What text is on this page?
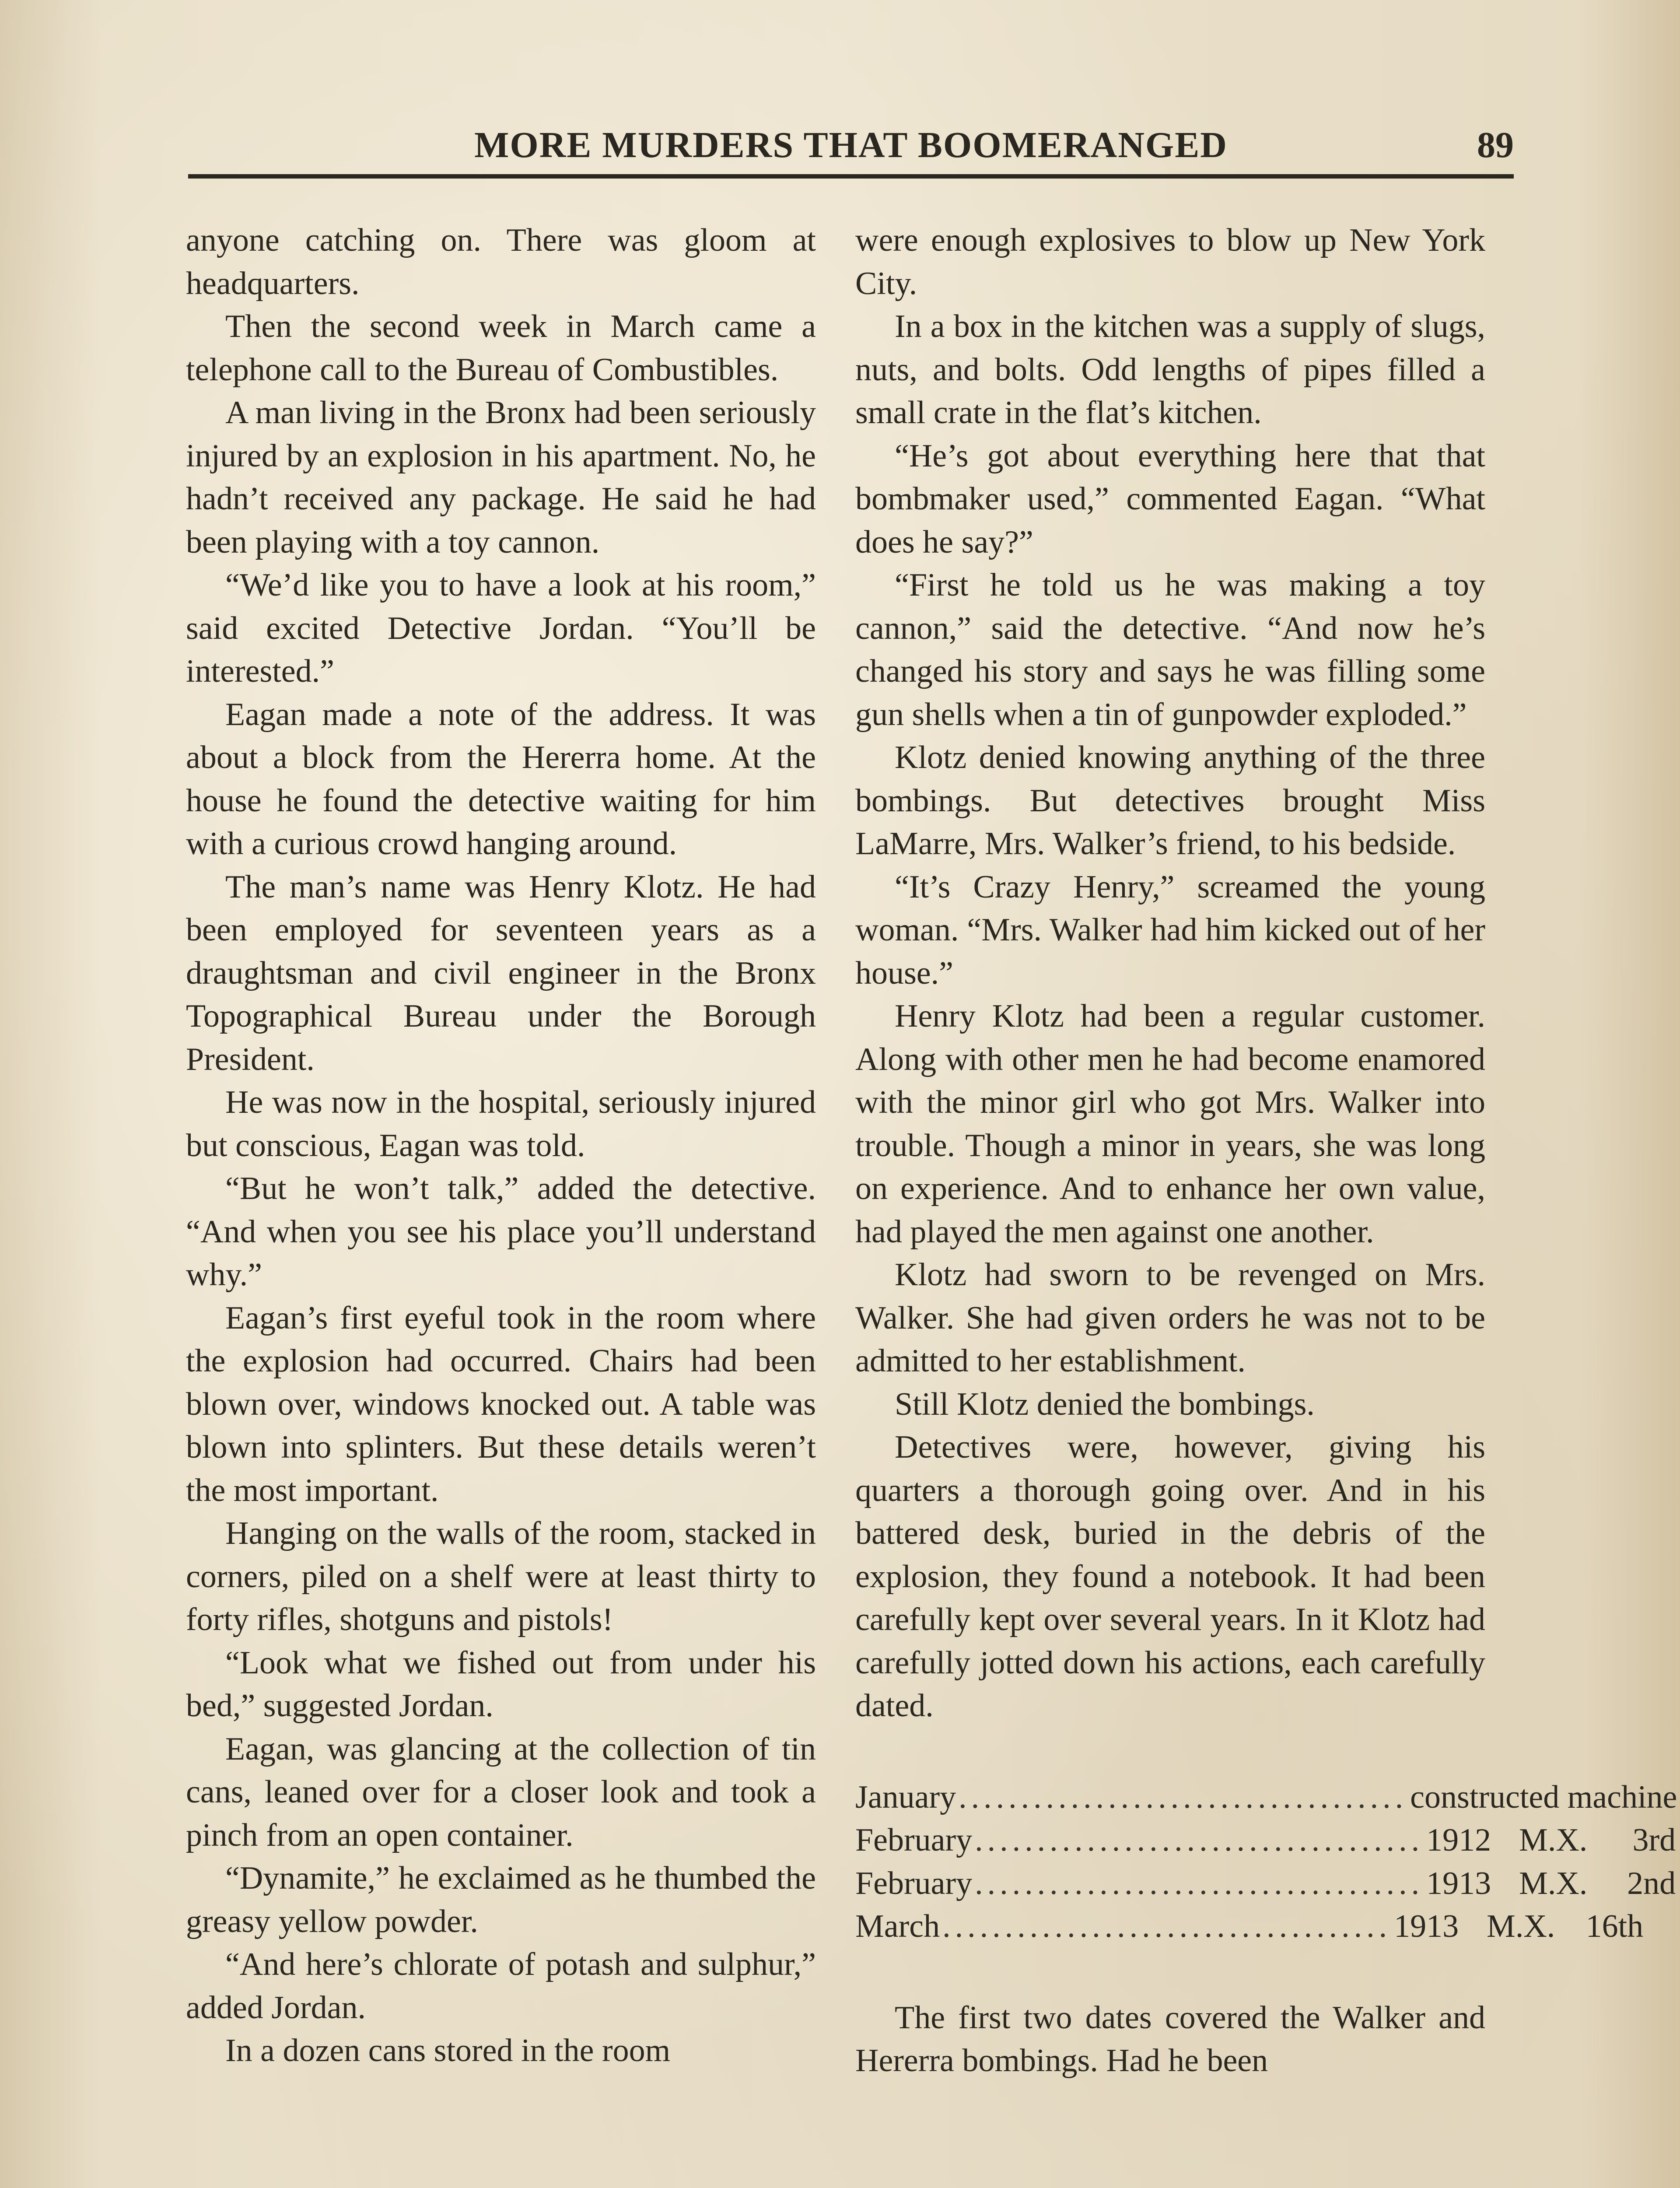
MORE MURDERS THAT BOOMERANGED	89

anyone catching on. There was gloom at headquarters.

Then the second week in March came a telephone call to the Bureau of Combustibles.

A man living in the Bronx had been seriously injured by an explosion in his apartment. No, he hadn’t received any package. He said he had been playing with a toy cannon.

“We’d like you to have a look at his room,” said excited Detective Jordan. “You’ll be interested.”

Eagan made a note of the address. It was about a block from the Hererra home. At the house he found the detective waiting for him with a curious crowd hanging around.

The man’s name was Henry Klotz. He had been employed for seventeen years as a draughtsman and civil engineer in the Bronx Topographical Bureau under the Borough President.

He was now in the hospital, seriously injured but conscious, Eagan was told.

“But he won’t talk,” added the detective. “And when you see his place you’ll understand why.”

Eagan’s first eyeful took in the room where the explosion had occurred. Chairs had been blown over, windows knocked out. A table was blown into splinters. But these details weren’t the most important.

Hanging on the walls of the room, stacked in corners, piled on a shelf were at least thirty to forty rifles, shotguns and pistols!

“Look what we fished out from under his bed,” suggested Jordan.

Eagan, was glancing at the collection of tin cans, leaned over for a closer look and took a pinch from an open container.

“Dynamite,” he exclaimed as he thumbed the greasy yellow powder.

“And here’s chlorate of potash and sulphur,” added Jordan.

In a dozen cans stored in the room

were enough explosives to blow up New York City.

In a box in the kitchen was a supply of slugs, nuts, and bolts. Odd lengths of pipes filled a small crate in the flat’s kitchen.

“He’s got about everything here that that bombmaker used,” commented Eagan. “What does he say?”

“First he told us he was making a toy cannon,” said the detective. “And now he’s changed his story and says he was filling some gun shells when a tin of gunpowder exploded.”

Klotz denied knowing anything of the three bombings. But detectives brought Miss LaMarre, Mrs. Walker’s friend, to his bedside.

“It’s Crazy Henry,” screamed the young woman. “Mrs. Walker had him kicked out of her house.”

Henry Klotz had been a regular customer. Along with other men he had become enamored with the minor girl who got Mrs. Walker into trouble. Though a minor in years, she was long on experience. And to enhance her own value, had played the men against one another.

Klotz had sworn to be revenged on Mrs. Walker. She had given orders he was not to be admitted to her establishment.

Still Klotz denied the bombings.

Detectives were, however, giving his quarters a thorough going over. And in his battered desk, buried in the debris of the explosion, they found a notebook. It had been carefully kept over several years. In it Klotz had carefully jotted down his actions, each carefully dated.

January .................................... constructed machine
February .................................... 1912 M.X.	3rd
February .................................... 1913 M.X.	2nd
March .................................... 1913 M.X. 16th

The first two dates covered the Walker and Hererra bombings. Had he been
